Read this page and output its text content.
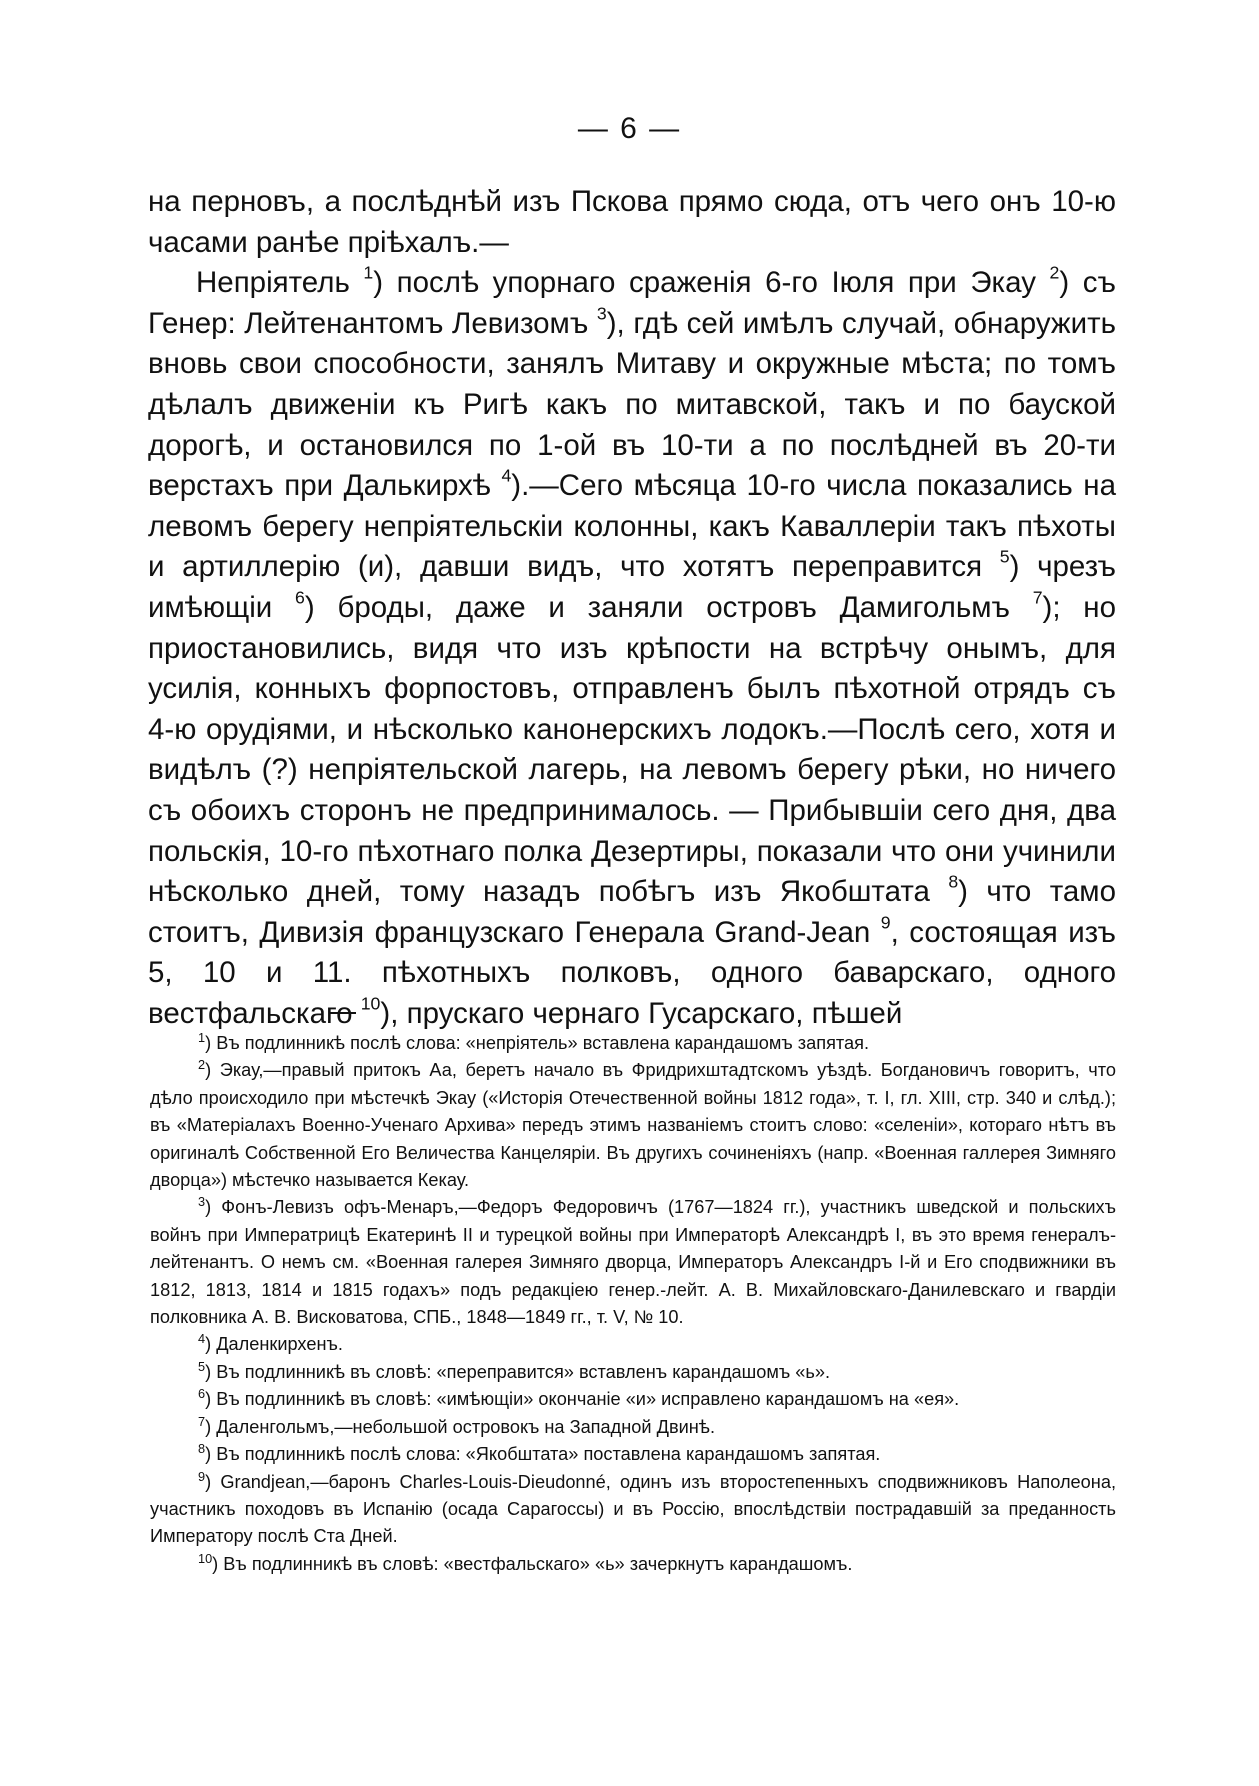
— 6 —

на перновъ, а послѣднѣй изъ Пскова прямо сюда, отъ чего онъ 10-ю часами ранѣе прiѣхалъ.—

Непрiятель $^1$) послѣ упорнаго сраженiя 6-го Iюля при Экау $^2$) съ Генер: Лейтенантомъ Левизомъ $^3$), гдѣ сей имѣлъ случай, обнаружить вновь свои способности, занялъ Митаву и окружные мѣста; по томъ дѣлалъ движенiи къ Ригѣ какъ по митавской, такъ и по бауской дорогѣ, и остановился по 1-ой въ 10-ти а по послѣдней въ 20-ти верстахъ при Далькирхѣ $^4$).—Сего мѣсяца 10-го числа показались на левомъ берегу непрiятельскiи колонны, какъ Каваллерiи такъ пѣхоты и артиллерiю (и), давши видъ, что хотятъ переправится $^5$) чрезъ имѣющiи $^6$) броды, даже и заняли островъ Дамигольмъ $^7$); но приостановились, видя что изъ крѣпости на встрѣчу онымъ, для усилiя, конныхъ форпостовъ, отправленъ былъ пѣхотной отрядъ съ 4-ю орудiями, и нѣсколько канонерскихъ лодокъ.—Послѣ сего, хотя и видѣлъ (?) непрiятельской лагерь, на левомъ берегу рѣки, но ничего съ обоихъ сторонъ не предпринималось. — Прибывшiи сего дня, два польскiя, 10-го пѣхотнаго полка Дезертиры, показали что они учинили нѣсколько дней, тому назадъ побѣгъ изъ Якобштата $^8$) что тамо стоитъ, Дивизiя французскаго Генерала Grand-Jean $^9$, состоящая изъ 5, 10 и 11. пѣхотныхъ полковъ, одного баварскаго, одного вестфальскаго $^{10}$), прускаго чернаго Гусарскаго, пѣшей

$^1$) Въ подлинникѣ послѣ слова: «непрiятель» вставлена карандашомъ запятая.

$^2$) Экау,—правый притокъ Аа, беретъ начало въ Фридрихштадтскомъ уѣздѣ. Богдановичъ говоритъ, что дѣло происходило при мѣстечкѣ Экау («Исторiя Отечественной войны 1812 года», т. I, гл. XIII, стр. 340 и слѣд.); въ «Матерiалахъ Военно-Ученаго Архива» передъ этимъ названiемъ стоитъ слово: «селенiи», котораго нѣтъ въ оригиналѣ Собственной Его Величества Канцелярiи. Въ другихъ сочиненiяхъ (напр. «Военная галлерея Зимняго дворца») мѣстечко называется Кекау.

$^3$) Фонъ-Левизъ офъ-Менаръ,—Федоръ Федоровичъ (1767—1824 гг.), участникъ шведской и польскихъ войнъ при Императрицѣ Екатеринѣ II и турецкой войны при Императорѣ Александрѣ I, въ это время генералъ-лейтенантъ. О немъ см. «Военная галерея Зимняго дворца, Императоръ Александръ I-й и Его сподвижники въ 1812, 1813, 1814 и 1815 годахъ» подъ редакцiею генер.-лейт. А. В. Михайловскаго-Данилевскаго и гвардiи полковника А. В. Висковатова, СПБ., 1848—1849 гг., т. V, № 10.

$^4$) Даленкирхенъ.

$^5$) Въ подлинникѣ въ словѣ: «переправится» вставленъ карандашомъ «ь».

$^6$) Въ подлинникѣ въ словѣ: «имѣющiи» окончанiе «и» исправлено карандашомъ на «ея».

$^7$) Даленгольмъ,—небольшой островокъ на Западной Двинѣ.

$^8$) Въ подлинникѣ послѣ слова: «Якобштата» поставлена карандашомъ запятая.

$^9$) Grandjean,—баронъ Charles-Louis-Dieudonné, одинъ изъ второстепенныхъ сподвижниковъ Наполеона, участникъ походовъ въ Испанiю (осада Сарагоссы) и въ Россiю, впослѣдствiи пострадавшiй за преданность Императору послѣ Ста Дней.

$^{10}$) Въ подлинникѣ въ словѣ: «вестфальскаго» «ь» зачеркнутъ карандашомъ.
